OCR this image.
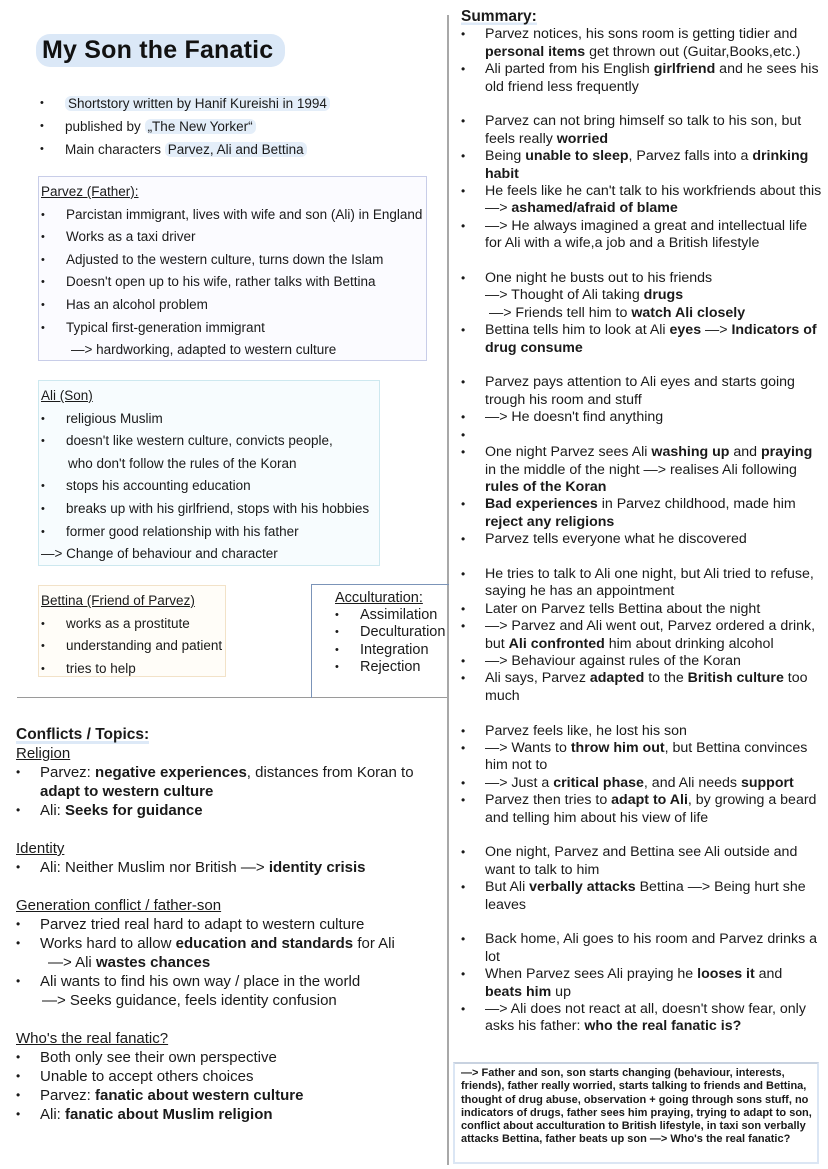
My Son the Fanatic
• Shortstory written by Hanif Kureishi in 1994
• published by „The New Yorker“
• Main characters Parvez, Ali and Bettina
Parvez (Father):
• Parcistan immigrant, lives with wife and son (Ali) in England
• Works as a taxi driver
• Adjusted to the western culture, turns down the Islam
• Doesn't open up to his wife, rather talks with Bettina
• Has an alcohol problem
• Typical first-generation immigrant
—> hardworking, adapted to western culture
Ali (Son)
• religious Muslim
• doesn't like western culture, convicts people,
who don't follow the rules of the Koran
• stops his accounting education
• breaks up with his girlfriend, stops with his hobbies
• former good relationship with his father
—> Change of behaviour and character
Bettina (Friend of Parvez)
• works as a prostitute
• understanding and patient
• tries to help
Acculturation:
• Assimilation
• Deculturation
• Integration
• Rejection
Conflicts / Topics:
Religion
• Parvez: negative experiences, distances from Koran to adapt to western culture
• Ali: Seeks for guidance
Identity
• Ali: Neither Muslim nor British —> identity crisis
Generation conflict / father-son
• Parvez tried real hard to adapt to western culture
• Works hard to allow education and standards for Ali
—> Ali wastes chances
• Ali wants to find his own way / place in the world
—> Seeks guidance, feels identity confusion
Who's the real fanatic?
• Both only see their own perspective
• Unable to accept others choices
• Parvez: fanatic about western culture
• Ali: fanatic about Muslim religion
Summary:
• Parvez notices, his sons room is getting tidier and personal items get thrown out (Guitar,Books,etc.)
• Ali parted from his English girlfriend and he sees his old friend less frequently
• Parvez can not bring himself so talk to his son, but feels really worried
• Being unable to sleep, Parvez falls into a drinking habit
• He feels like he can't talk to his workfriends about this —> ashamed/afraid of blame
• —> He always imagined a great and intellectual life for Ali with a wife,a job and a British lifestyle
• One night he busts out to his friends
—> Thought of Ali taking drugs
—> Friends tell him to watch Ali closely
• Bettina tells him to look at Ali eyes —> Indicators of drug consume
• Parvez pays attention to Ali eyes and starts going trough his room and stuff
• —> He doesn't find anything
•
• One night Parvez sees Ali washing up and praying in the middle of the night —> realises Ali following rules of the Koran
• Bad experiences in Parvez childhood, made him reject any religions
• Parvez tells everyone what he discovered
• He tries to talk to Ali one night, but Ali tried to refuse, saying he has an appointment
• Later on Parvez tells Bettina about the night
• —> Parvez and Ali went out, Parvez ordered a drink, but Ali confronted him about drinking alcohol
• —> Behaviour against rules of the Koran
• Ali says, Parvez adapted to the British culture too much
• Parvez feels like, he lost his son
• —> Wants to throw him out, but Bettina convinces him not to
• —> Just a critical phase, and Ali needs support
• Parvez then tries to adapt to Ali, by growing a beard and telling him about his view of life
• One night, Parvez and Bettina see Ali outside and want to talk to him
• But Ali verbally attacks Bettina —> Being hurt she leaves
• Back home, Ali goes to his room and Parvez drinks a lot
• When Parvez sees Ali praying he looses it and beats him up
• —> Ali does not react at all, doesn't show fear, only asks his father: who the real fanatic is?
—> Father and son, son starts changing (behaviour, interests, friends), father really worried, starts talking to friends and Bettina, thought of drug abuse, observation + going through sons stuff, no indicators of drugs, father sees him praying, trying to adapt to son, conflict about acculturation to British lifestyle, in taxi son verbally attacks Bettina, father beats up son —> Who's the real fanatic?
